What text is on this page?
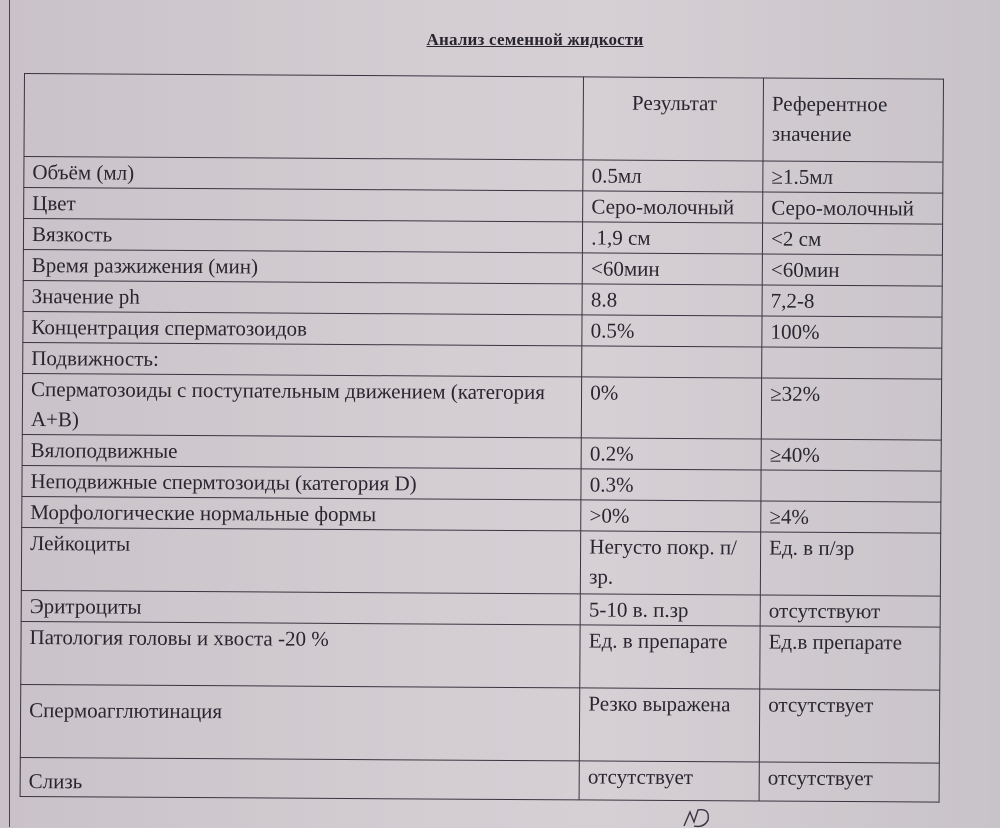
Анализ семенной жидкости
	Результат	Референтное значение
Объём (мл)	0.5мл	≥1.5мл
Цвет	Серо-молочный	Серо-молочный
Вязкость	.1,9 см	<2 см
Время разжижения (мин)	<60мин	<60мин
Значение ph	8.8	7,2-8
Концентрация сперматозоидов	0.5%	100%
Подвижность:		
Сперматозоиды с поступательным движением (категория А+В)	0%	≥32%
Вялоподвижные	0.2%	≥40%
Неподвижные спермтозоиды (категория D)	0.3%	
Морфологические нормальные формы	>0%	≥4%
Лейкоциты	Негусто покр. п/зр.	Ед. в п/зр
Эритроциты	5-10 в. п.зр	отсутствуют
Патология головы и хвоста -20 %	Ед. в препарате	Ед.в препарате
Спермоагглютинация	Резко выражена	отсутствует
Слизь	отсутствует	отсутствует
